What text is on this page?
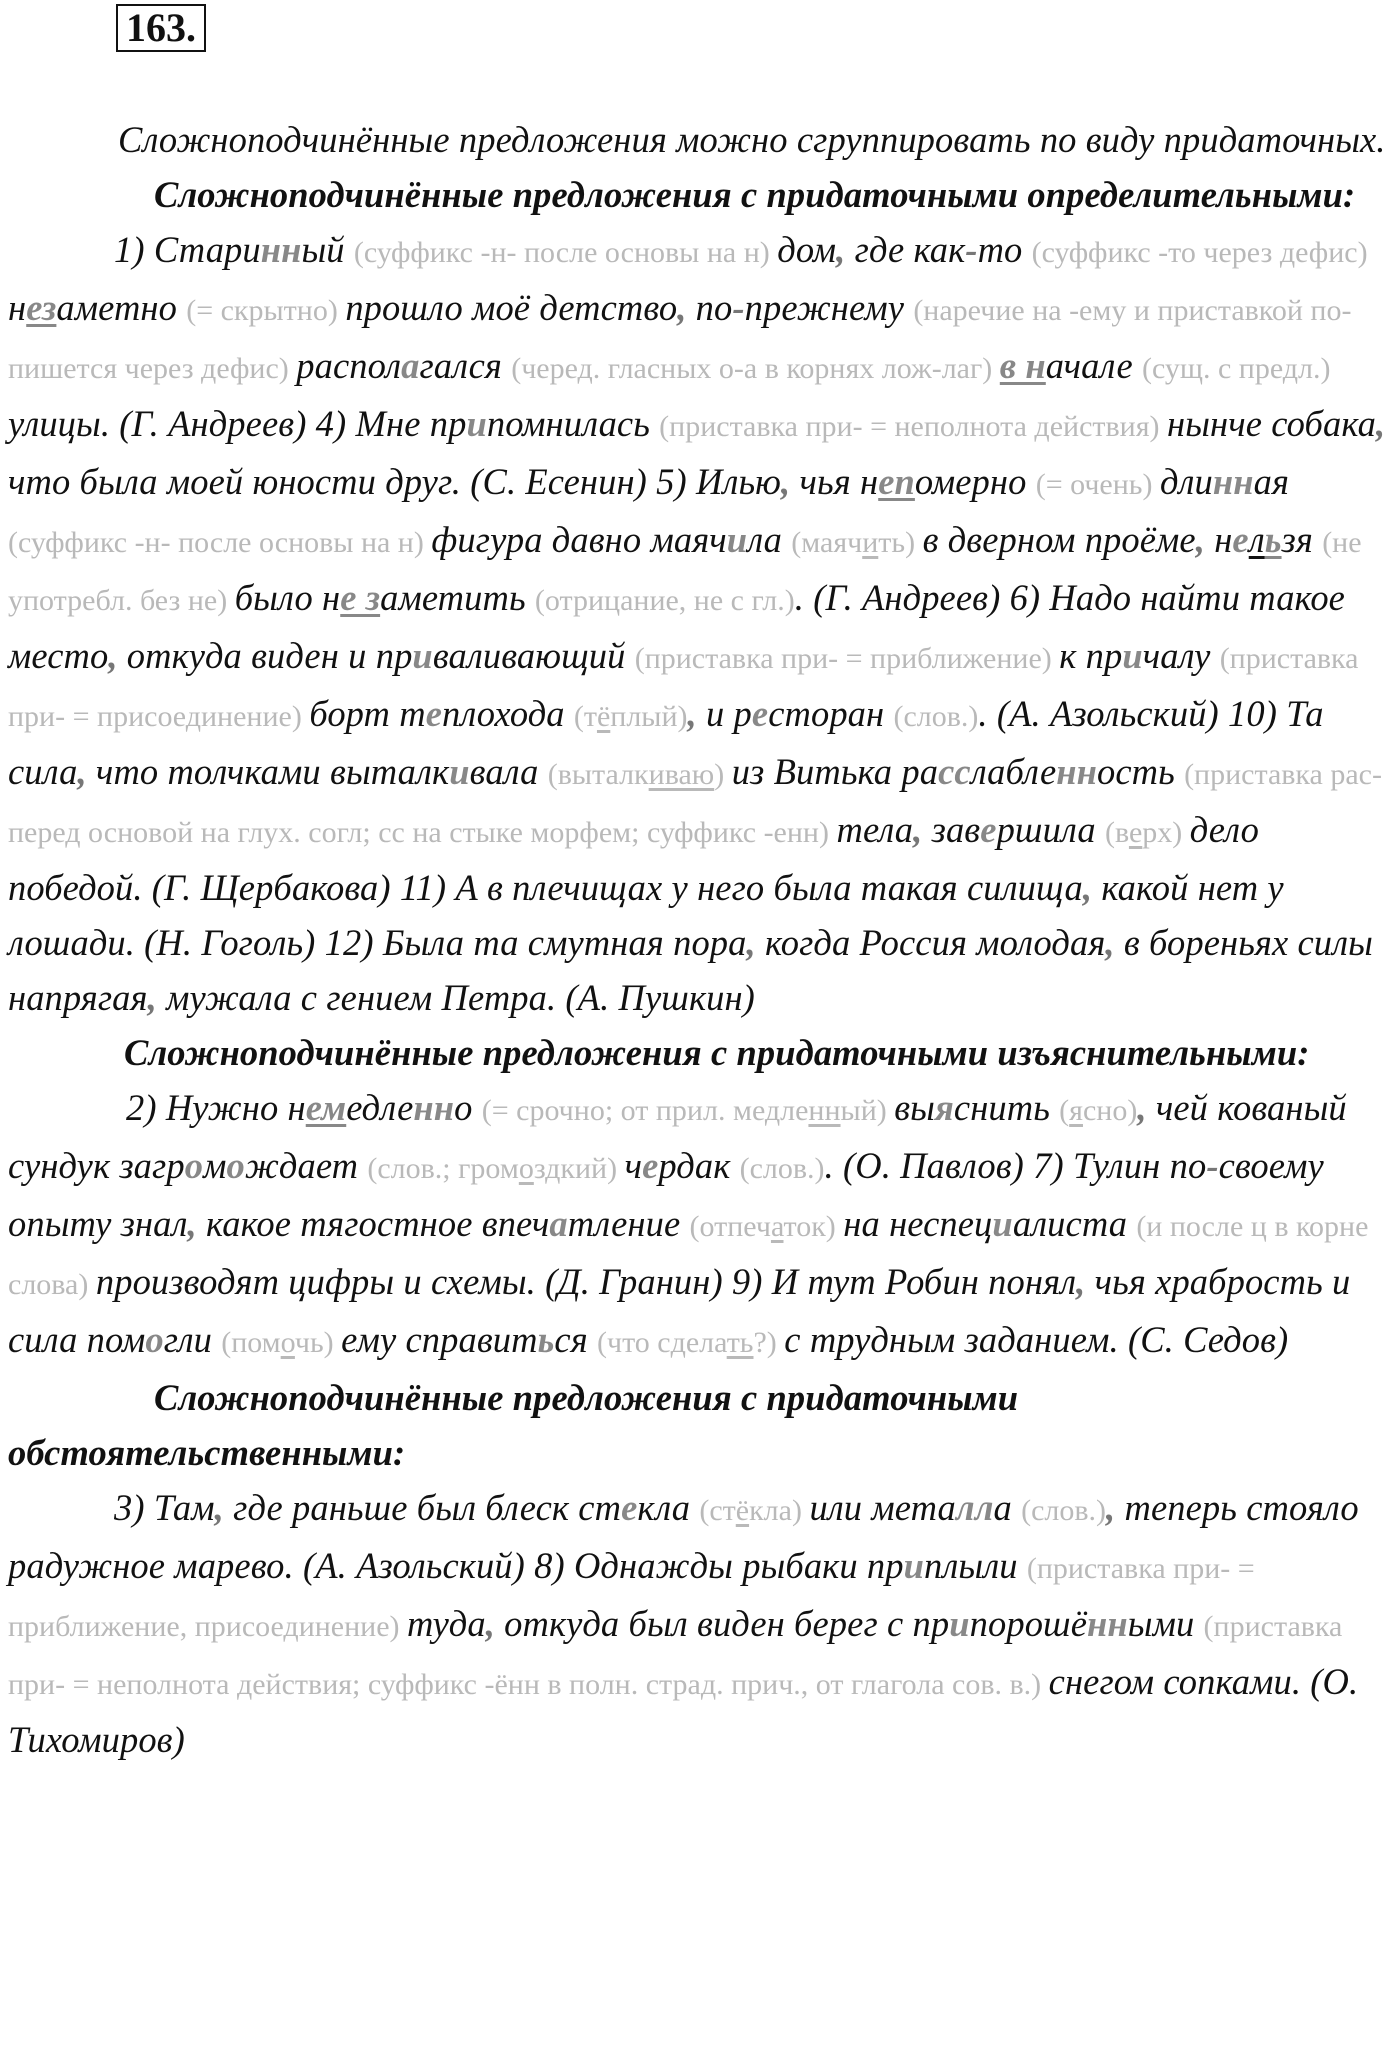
163.

Сложноподчинённые предложения можно сгруппировать по виду придаточных.

Сложноподчинённые предложения с придаточными определительными:

1) Старинный (суффикс -н- после основы на н) дом, где как-то (суффикс -то через дефис) незаметно (= скрытно) прошло моё детство, по-прежнему (наречие на -ему и приставкой по- пишется через дефис) располагался (черед. гласных о-а в корнях лож-лаг) в начале (сущ. с предл.) улицы. (Г. Андреев) 4) Мне припомнилась (приставка при- = неполнота действия) нынче собака, что была моей юности друг. (С. Есенин) 5) Илью, чья непомерно (= очень) длинная (суффикс -н- после основы на н) фигура давно маячила (маячить) в дверном проёме, нельзя (не употребл. без не) было не заметить (отрицание, не с гл.). (Г. Андреев) 6) Надо найти такое место, откуда виден и приваливающий (приставка при- = приближение) к причалу (приставка при- = присоединение) борт теплохода (тёплый), и ресторан (слов.). (А. Азольский) 10) Та сила, что толчками выталкивала (выталкиваю) из Витька расслабленность (приставка рас- перед основой на глух. согл; сс на стыке морфем; суффикс -енн) тела, завершила (верх) дело победой. (Г. Щербакова) 11) А в плечищах у него была такая силища, какой нет у лошади. (Н. Гоголь) 12) Была та смутная пора, когда Россия молодая, в бореньях силы напрягая, мужала с гением Петра. (А. Пушкин)

Сложноподчинённые предложения с придаточными изъяснительными:

2) Нужно немедленно (= срочно; от прил. медленный) выяснить (ясно), чей кованый сундук загромождает (слов.; громоздкий) чердак (слов.). (О. Павлов) 7) Тулин по-своему опыту знал, какое тягостное впечатление (отпечаток) на неспециалиста (и после ц в корне слова) производят цифры и схемы. (Д. Гранин) 9) И тут Робин понял, чья храбрость и сила помогли (помочь) ему справиться (что сделать?) с трудным заданием. (С. Седов)

Сложноподчинённые предложения с придаточными обстоятельственными:

3) Там, где раньше был блеск стекла (стёкла) или металла (слов.), теперь стояло радужное марево. (А. Азольский) 8) Однажды рыбаки приплыли (приставка при- = приближение, присоединение) туда, откуда был виден берег с припорошёнными (приставка при- = неполнота действия; суффикс -ённ в полн. страд. прич., от глагола сов. в.) снегом сопками. (О. Тихомиров)
